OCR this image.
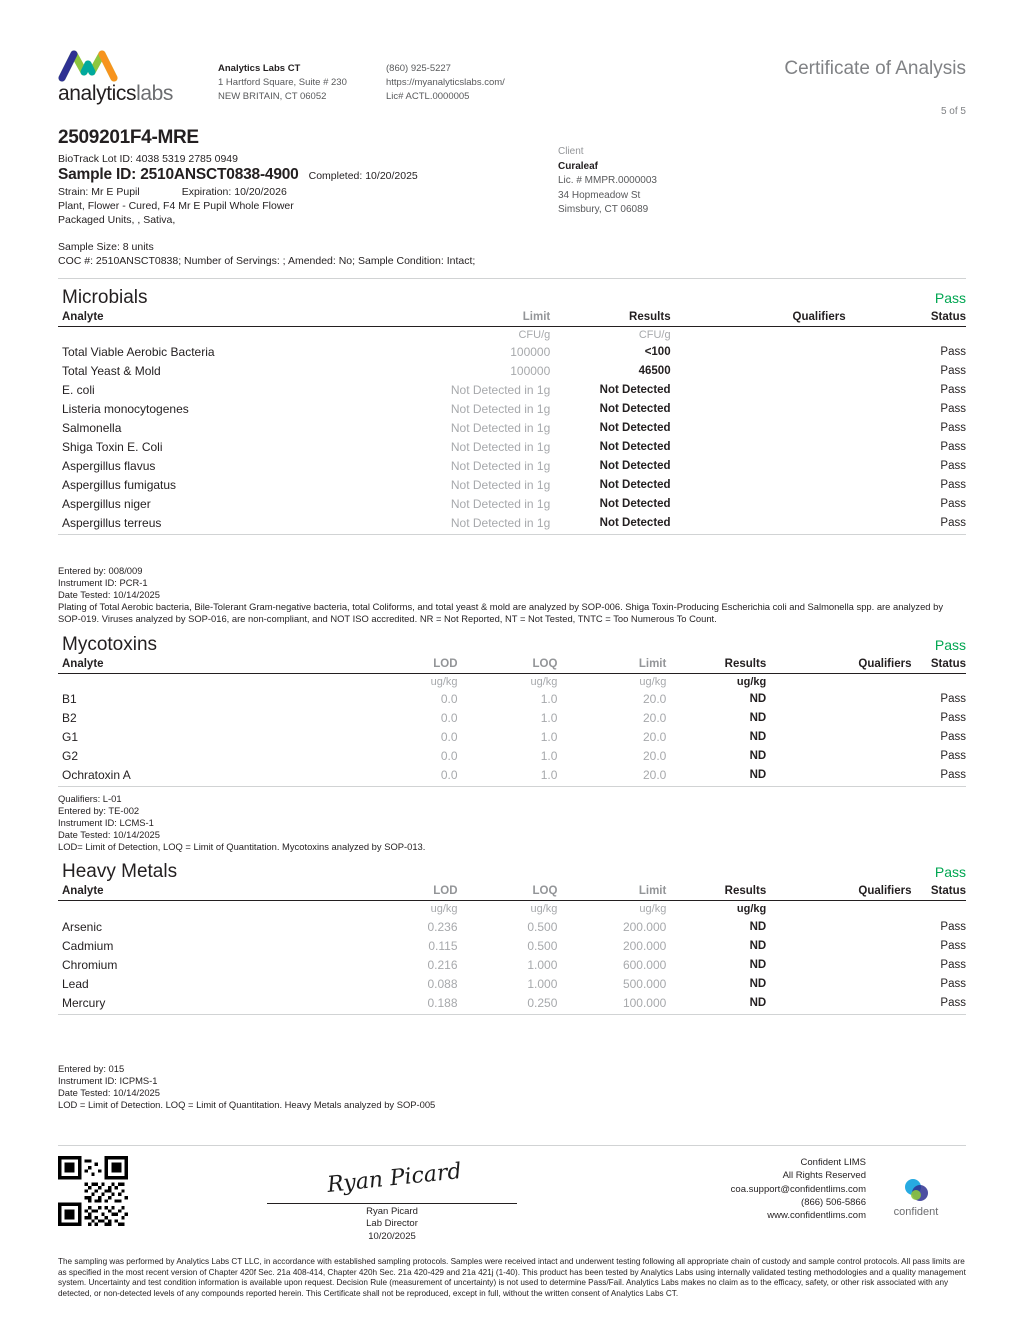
analyticslabs
Analytics Labs CT
1 Hartford Square, Suite # 230
NEW BRITAIN, CT 06052
(860) 925-5227
https://myanalyticslabs.com/
Lic# ACTL.0000005
Certificate of Analysis
5 of 5
2509201F4-MRE
BioTrack Lot ID: 4038 5319 2785 0949
Sample ID: 2510ANSCT0838-4900 Completed: 10/20/2025
Strain: Mr E Pupil	Expiration: 10/20/2026
Plant, Flower - Cured, F4 Mr E Pupil Whole Flower
Packaged Units, , Sativa,
Client
Curaleaf
Lic. # MMPR.0000003
34 Hopmeadow St
Simsbury, CT 06089
Sample Size: 8 units
COC #: 2510ANSCT0838; Number of Servings: ; Amended: No; Sample Condition: Intact;
Microbials	Pass
Analyte	Limit	Results	Qualifiers	Status
	CFU/g	CFU/g		
Total Viable Aerobic Bacteria	100000	<100		Pass
Total Yeast & Mold	100000	46500		Pass
E. coli	Not Detected in 1g	Not Detected		Pass
Listeria monocytogenes	Not Detected in 1g	Not Detected		Pass
Salmonella	Not Detected in 1g	Not Detected		Pass
Shiga Toxin E. Coli	Not Detected in 1g	Not Detected		Pass
Aspergillus flavus	Not Detected in 1g	Not Detected		Pass
Aspergillus fumigatus	Not Detected in 1g	Not Detected		Pass
Aspergillus niger	Not Detected in 1g	Not Detected		Pass
Aspergillus terreus	Not Detected in 1g	Not Detected		Pass
Entered by: 008/009
Instrument ID: PCR-1
Date Tested: 10/14/2025
Plating of Total Aerobic bacteria, Bile-Tolerant Gram-negative bacteria, total Coliforms, and total yeast & mold are analyzed by SOP-006. Shiga Toxin-Producing Escherichia coli and Salmonella spp. are analyzed by SOP-019. Viruses analyzed by SOP-016, are non-compliant, and NOT ISO accredited. NR = Not Reported, NT = Not Tested, TNTC = Too Numerous To Count.
Mycotoxins	Pass
Analyte	LOD	LOQ	Limit	Results	Qualifiers	Status
	ug/kg	ug/kg	ug/kg	ug/kg		
B1	0.0	1.0	20.0	ND		Pass
B2	0.0	1.0	20.0	ND		Pass
G1	0.0	1.0	20.0	ND		Pass
G2	0.0	1.0	20.0	ND		Pass
Ochratoxin A	0.0	1.0	20.0	ND		Pass
Qualifiers: L-01
Entered by: TE-002
Instrument ID: LCMS-1
Date Tested: 10/14/2025
LOD= Limit of Detection, LOQ = Limit of Quantitation. Mycotoxins analyzed by SOP-013.
Heavy Metals	Pass
Analyte	LOD	LOQ	Limit	Results	Qualifiers	Status
	ug/kg	ug/kg	ug/kg	ug/kg		
Arsenic	0.236	0.500	200.000	ND		Pass
Cadmium	0.115	0.500	200.000	ND		Pass
Chromium	0.216	1.000	600.000	ND		Pass
Lead	0.088	1.000	500.000	ND		Pass
Mercury	0.188	0.250	100.000	ND		Pass
Entered by: 015
Instrument ID: ICPMS-1
Date Tested: 10/14/2025
LOD = Limit of Detection. LOQ = Limit of Quantitation. Heavy Metals analyzed by SOP-005
Ryan Picard
Ryan Picard
Lab Director
10/20/2025
Confident LIMS
All Rights Reserved
coa.support@confidentlims.com
(866) 506-5866
www.confidentlims.com	confident
The sampling was performed by Analytics Labs CT LLC, in accordance with established sampling protocols. Samples were received intact and underwent testing following all appropriate chain of custody and sample control protocols. All pass limits are as specified in the most recent version of Chapter 420f Sec. 21a 408-414, Chapter 420h Sec. 21a 420-429 and 21a 421j (1-40). This product has been tested by Analytics Labs using internally validated testing methodologies and a quality management system. Uncertainty and test condition information is available upon request. Decision Rule (measurement of uncertainty) is not used to determine Pass/Fail. Analytics Labs makes no claim as to the efficacy, safety, or other risk associated with any detected, or non-detected levels of any compounds reported herein. This Certificate shall not be reproduced, except in full, without the written consent of Analytics Labs CT.
